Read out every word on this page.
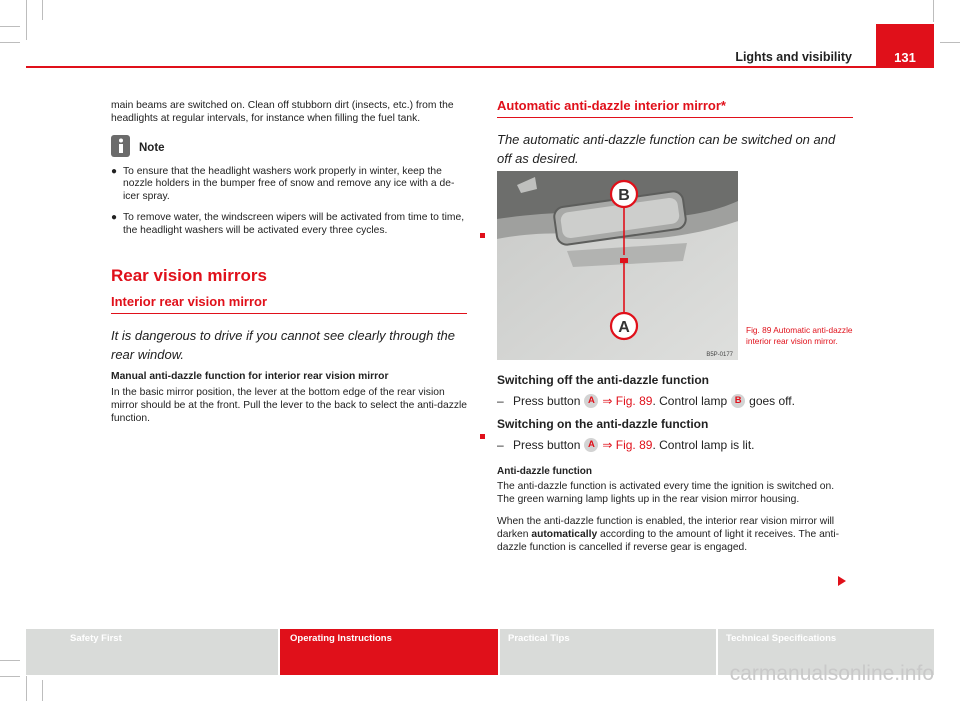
Lights and visibility	131

main beams are switched on. Clean off stubborn dirt (insects, etc.) from the headlights at regular intervals, for instance when filling the fuel tank.

Note
● To ensure that the headlight washers work properly in winter, keep the nozzle holders in the bumper free of snow and remove any ice with a de-icer spray.
● To remove water, the windscreen wipers will be activated from time to time, the headlight washers will be activated every three cycles.
Rear vision mirrors
Interior rear vision mirror
It is dangerous to drive if you cannot see clearly through the rear window.
Manual anti-dazzle function for interior rear vision mirror

In the basic mirror position, the lever at the bottom edge of the rear vision mirror should be at the front. Pull the lever to the back to select the anti-dazzle function.

Automatic anti-dazzle interior mirror*
The automatic anti-dazzle function can be switched on and off as desired.
B
A
B5P-0177
Fig. 89 Automatic anti-dazzle interior rear vision mirror.
Switching off the anti-dazzle function
– Press button A ⇒ Fig. 89 . Control lamp B goes off.
Switching on the anti-dazzle function
– Press button A ⇒ Fig. 89 . Control lamp is lit.
Anti-dazzle function

The anti-dazzle function is activated every time the ignition is switched on. The green warning lamp lights up in the rear vision mirror housing.

When the anti-dazzle function is enabled, the interior rear vision mirror will darken automatically according to the amount of light it receives. The anti-dazzle function is cancelled if reverse gear is engaged.

Safety First	Operating Instructions	Practical Tips	Technical Specifications
carmanualsonline.info
